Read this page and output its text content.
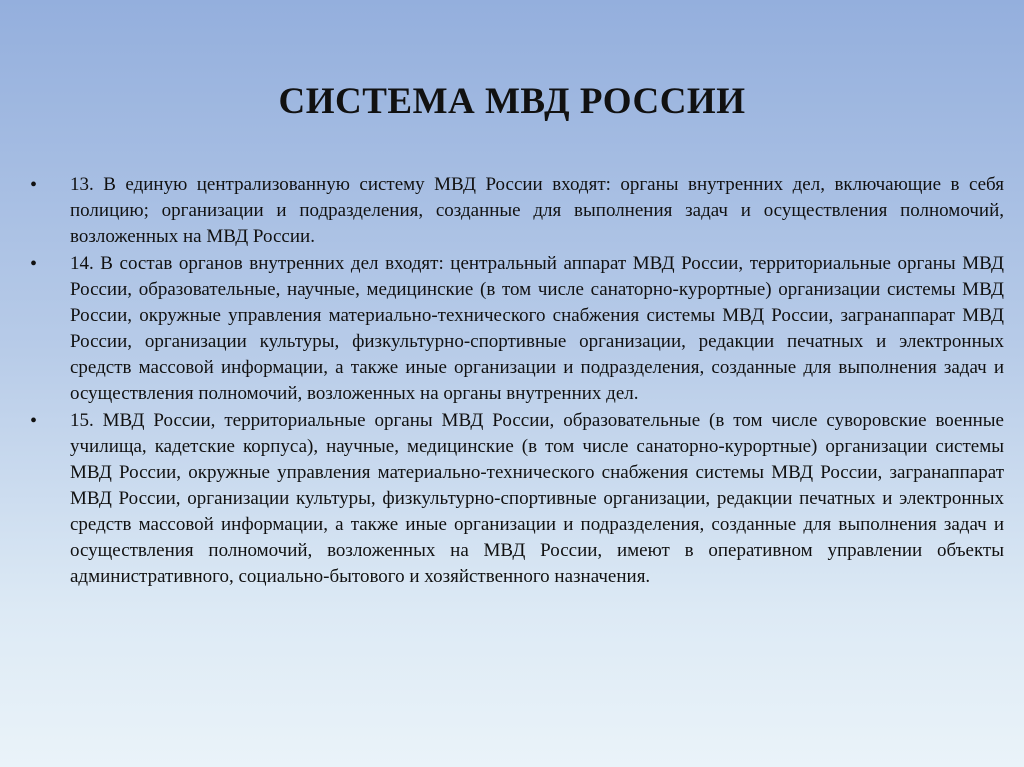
СИСТЕМА МВД РОССИИ
• 13. В единую централизованную систему МВД России входят: органы внутренних дел, включающие в себя полицию; организации и подразделения, созданные для выполнения задач и осуществления полномочий, возложенных на МВД России.
• 14. В состав органов внутренних дел входят: центральный аппарат МВД России, территориальные органы МВД России, образовательные, научные, медицинские (в том числе санаторно-курортные) организации системы МВД России, окружные управления материально-технического снабжения системы МВД России, загранаппарат МВД России, организации культуры, физкультурно-спортивные организации, редакции печатных и электронных средств массовой информации, а также иные организации и подразделения, созданные для выполнения задач и осуществления полномочий, возложенных на органы внутренних дел.
• 15. МВД России, территориальные органы МВД России, образовательные (в том числе суворовские военные училища, кадетские корпуса), научные, медицинские (в том числе санаторно-курортные) организации системы МВД России, окружные управления материально-технического снабжения системы МВД России, загранаппарат МВД России, организации культуры, физкультурно-спортивные организации, редакции печатных и электронных средств массовой информации, а также иные организации и подразделения, созданные для выполнения задач и осуществления полномочий, возложенных на МВД России, имеют в оперативном управлении объекты административного, социально-бытового и хозяйственного назначения.
